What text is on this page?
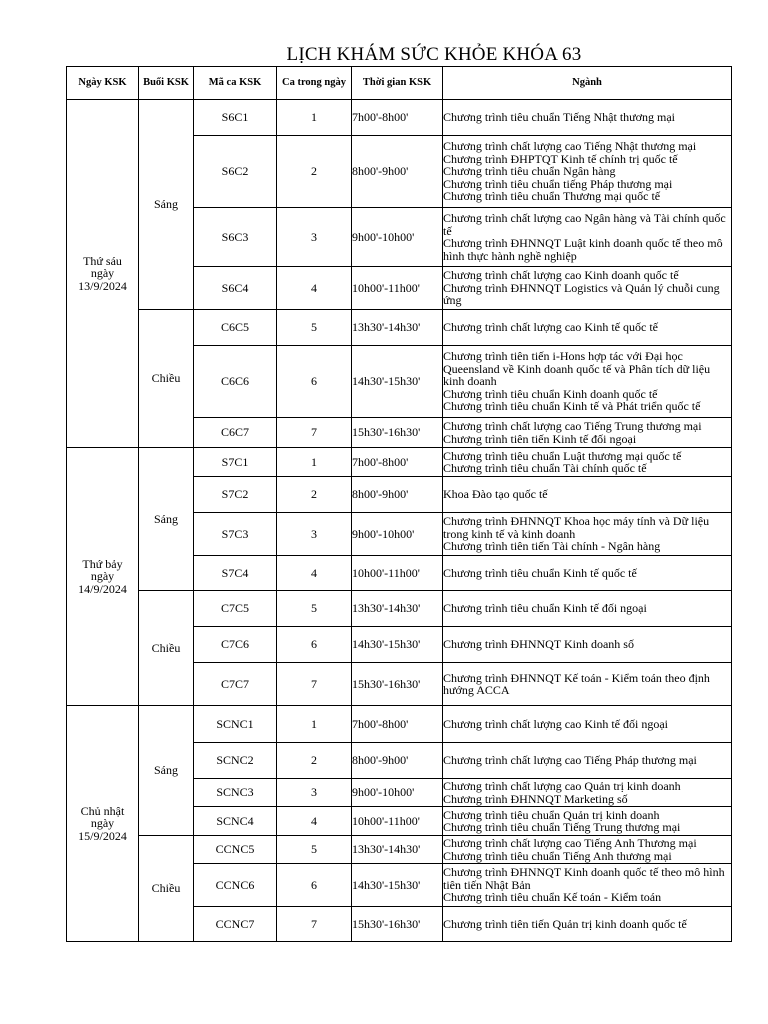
LỊCH KHÁM SỨC KHỎE KHÓA 63
Ngày KSK	Buổi KSK	Mã ca KSK	Ca trong ngày	Thời gian KSK	Ngành

Thứ sáu
ngày
13/9/2024	Sáng	S6C1	1	7h00'-8h00'	Chương trình tiêu chuẩn Tiếng Nhật thương mại

		S6C2	2	8h00'-9h00'	Chương trình chất lượng cao Tiếng Nhật thương mại
Chương trình ĐHPTQT Kinh tế chính trị quốc tế
Chương trình tiêu chuẩn Ngân hàng
Chương trình tiêu chuẩn tiếng Pháp thương mại
Chương trình tiêu chuẩn Thương mại quốc tế

		S6C3	3	9h00'-10h00'	Chương trình chất lượng cao Ngân hàng và Tài chính quốc tế
Chương trình ĐHNNQT Luật kinh doanh quốc tế theo mô hình thực hành nghề nghiệp

		S6C4	4	10h00'-11h00'	Chương trình chất lượng cao Kinh doanh quốc tế
Chương trình ĐHNNQT Logistics và Quản lý chuỗi cung ứng

	Chiều	C6C5	5	13h30'-14h30'	Chương trình chất lượng cao Kinh tế quốc tế

		C6C6	6	14h30'-15h30'	Chương trình tiên tiến i-Hons hợp tác với Đại học Queensland về Kinh doanh quốc tế và Phân tích dữ liệu kinh doanh
Chương trình tiêu chuẩn Kinh doanh quốc tế
Chương trình tiêu chuẩn Kinh tế và Phát triển quốc tế

		C6C7	7	15h30'-16h30'	Chương trình chất lượng cao Tiếng Trung thương mại
Chương trình tiên tiến Kinh tế đối ngoại

Thứ bảy
ngày
14/9/2024	Sáng	S7C1	1	7h00'-8h00'	Chương trình tiêu chuẩn Luật thương mại quốc tế
Chương trình tiêu chuẩn Tài chính quốc tế

		S7C2	2	8h00'-9h00'	Khoa Đào tạo quốc tế

		S7C3	3	9h00'-10h00'	Chương trình ĐHNNQT Khoa học máy tính và Dữ liệu trong kinh tế và kinh doanh
Chương trình tiên tiến Tài chính - Ngân hàng

		S7C4	4	10h00'-11h00'	Chương trình tiêu chuẩn Kinh tế quốc tế

	Chiều	C7C5	5	13h30'-14h30'	Chương trình tiêu chuẩn Kinh tế đối ngoại

		C7C6	6	14h30'-15h30'	Chương trình ĐHNNQT Kinh doanh số

		C7C7	7	15h30'-16h30'	Chương trình ĐHNNQT Kế toán - Kiểm toán theo định hướng ACCA

Chủ nhật
ngày
15/9/2024	Sáng	SCNC1	1	7h00'-8h00'	Chương trình chất lượng cao Kinh tế đối ngoại

		SCNC2	2	8h00'-9h00'	Chương trình chất lượng cao Tiếng Pháp thương mại

		SCNC3	3	9h00'-10h00'	Chương trình chất lượng cao Quản trị kinh doanh
Chương trình ĐHNNQT Marketing số

		SCNC4	4	10h00'-11h00'	Chương trình tiêu chuẩn Quản trị kinh doanh
Chương trình tiêu chuẩn Tiếng Trung thương mại

	Chiều	CCNC5	5	13h30'-14h30'	Chương trình chất lượng cao Tiếng Anh Thương mại
Chương trình tiêu chuẩn Tiếng Anh thương mại

		CCNC6	6	14h30'-15h30'	Chương trình ĐHNNQT Kinh doanh quốc tế theo mô hình tiên tiến Nhật Bản
Chương trình tiêu chuẩn Kế toán - Kiểm toán

		CCNC7	7	15h30'-16h30'	Chương trình tiên tiến Quản trị kinh doanh quốc tế
